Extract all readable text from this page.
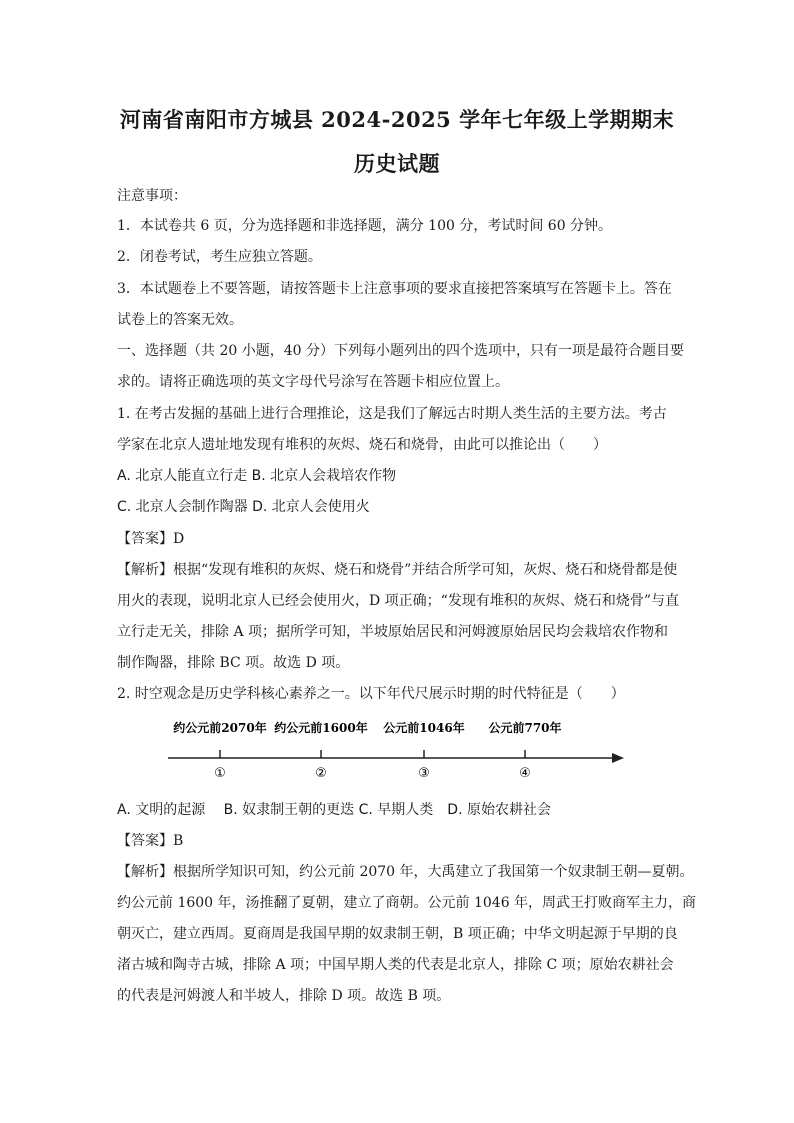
河南省南阳市方城县 2024-2025 学年七年级上学期期末
历史试题
注意事项：
1．本试卷共 6 页，分为选择题和非选择题，满分 100 分，考试时间 60 分钟。
2．闭卷考试，考生应独立答题。
3．本试题卷上不要答题，请按答题卡上注意事项的要求直接把答案填写在答题卡上。答在
试卷上的答案无效。
一、选择题（共 20 小题，40 分）下列每小题列出的四个选项中，只有一项是最符合题目要
求的。请将正确选项的英文字母代号涂写在答题卡相应位置上。
1. 在考古发掘的基础上进行合理推论，这是我们了解远古时期人类生活的主要方法。考古
学家在北京人遗址地发现有堆积的灰烬、烧石和烧骨，由此可以推论出（　　）
A. 北京人能直立行走 B. 北京人会栽培农作物
C. 北京人会制作陶器 D. 北京人会使用火
【答案】D
【解析】根据“发现有堆积的灰烬、烧石和烧骨”并结合所学可知，灰烬、烧石和烧骨都是使
用火的表现，说明北京人已经会使用火，D 项正确；“发现有堆积的灰烬、烧石和烧骨”与直
立行走无关，排除 A 项；据所学可知，半坡原始居民和河姆渡原始居民均会栽培农作物和
制作陶器，排除 BC 项。故选 D 项。
2. 时空观念是历史学科核心素养之一。以下年代尺展示时期的时代特征是（　　）
约公元前2070年 约公元前1600年 公元前1046年 公元前770年
①	②	③	④
A. 文明的起源　 B. 奴隶制王朝的更迭 C. 早期人类　D. 原始农耕社会
【答案】B
【解析】根据所学知识可知，约公元前 2070 年，大禹建立了我国第一个奴隶制王朝—夏朝。
约公元前 1600 年，汤推翻了夏朝，建立了商朝。公元前 1046 年，周武王打败商军主力，商
朝灭亡，建立西周。夏商周是我国早期的奴隶制王朝，B 项正确；中华文明起源于早期的良
渚古城和陶寺古城，排除 A 项；中国早期人类的代表是北京人，排除 C 项；原始农耕社会
的代表是河姆渡人和半坡人，排除 D 项。故选 B 项。
